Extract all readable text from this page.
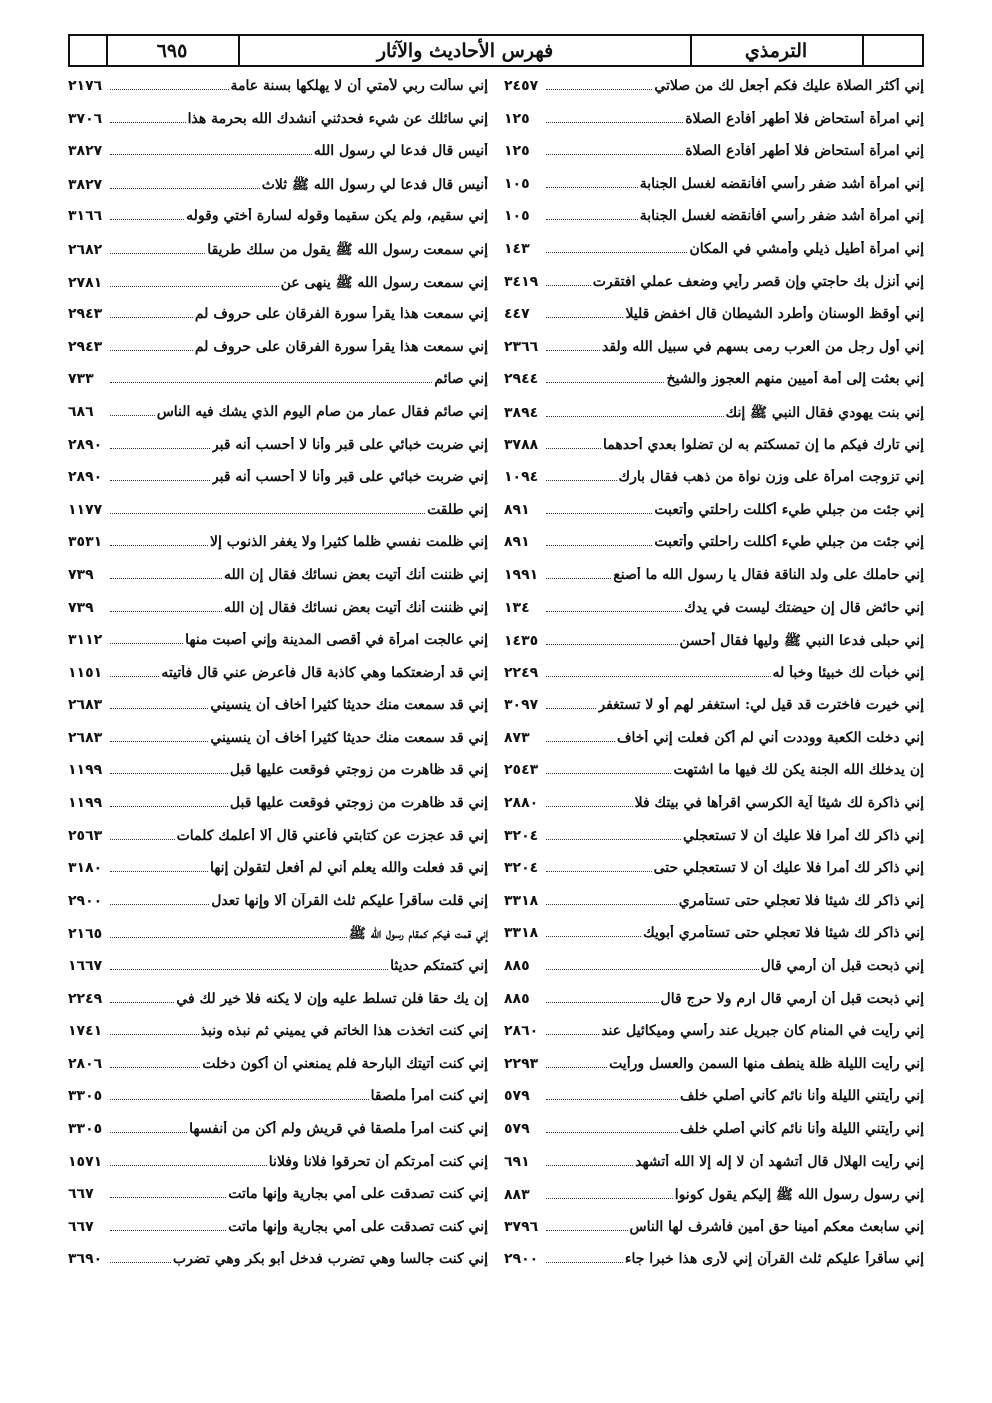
٦٩٥	فهرس الأحاديث والآثار	الترمذي
إني أكثر الصلاة عليك فكم أجعل لك من صلاتي
٢٤٥٧
إني امرأة أستحاض فلا أطهر أفأدع الصلاة
١٢٥
إني امرأة أستحاض فلا أطهر أفأدع الصلاة
١٢٥
إني امرأة أشد ضفر رأسي أفأنقضه لغسل الجنابة
١٠٥
إني امرأة أشد ضفر رأسي أفأنقضه لغسل الجنابة
١٠٥
إني امرأة أطيل ذيلي وأمشي في المكان
١٤٣
إني أنزل بك حاجتي وإن قصر رأيي وضعف عملي افتقرت
٣٤١٩
إني أوقظ الوسنان وأطرد الشيطان قال اخفض قليلا
٤٤٧
إني أول رجل من العرب رمى بسهم في سبيل الله ولقد
٢٣٦٦
إني بعثت إلى أمة أميين منهم العجوز والشيخ
٢٩٤٤
إني بنت يهودي فقال النبي ﷺ إنك
٣٨٩٤
إني تارك فيكم ما إن تمسكتم به لن تضلوا بعدي أحدهما
٣٧٨٨
إني تزوجت امرأة على وزن نواة من ذهب فقال بارك
١٠٩٤
إني جئت من جبلي طيء أكللت راحلتي وأتعبت
٨٩١
إني جئت من جبلي طيء أكللت راحلتي وأتعبت
٨٩١
إني حاملك على ولد الناقة فقال يا رسول الله ما أصنع
١٩٩١
إني حائض قال إن حيضتك ليست في يدك
١٣٤
إني حبلى فدعا النبي ﷺ وليها فقال أحسن
١٤٣٥
إني خبأت لك خبيئا وخبأ له
٢٢٤٩
إني خيرت فاخترت قد قيل لي: استغفر لهم أو لا تستغفر
٣٠٩٧
إني دخلت الكعبة ووددت أني لم أكن فعلت إني أخاف
٨٧٣
إن يدخلك الله الجنة يكن لك فيها ما اشتهت
٢٥٤٣
إني ذاكرة لك شيئا آية الكرسي اقرأها في بيتك فلا
٢٨٨٠
إني ذاكر لك أمرا فلا عليك أن لا تستعجلي
٣٢٠٤
إني ذاكر لك أمرا فلا عليك أن لا تستعجلي حتى
٣٢٠٤
إني ذاكر لك شيئا فلا تعجلي حتى تستأمري
٣٣١٨
إني ذاكر لك شيئا فلا تعجلي حتى تستأمري أبويك
٣٣١٨
إني ذبحت قبل أن أرمي قال
٨٨٥
إني ذبحت قبل أن أرمي قال ارم ولا حرج قال
٨٨٥
إني رأيت في المنام كان جبريل عند رأسي وميكائيل عند
٢٨٦٠
إني رأيت الليلة ظلة ينطف منها السمن والعسل ورأيت
٢٢٩٣
إني رأيتني الليلة وأنا نائم كأني أصلي خلف
٥٧٩
إني رأيتني الليلة وأنا نائم كأني أصلي خلف
٥٧٩
إني رأيت الهلال قال أتشهد أن لا إله إلا الله أتشهد
٦٩١
إني رسول رسول الله ﷺ إليكم يقول كونوا
٨٨٣
إني سابعث معكم أمينا حق أمين فأشرف لها الناس
٣٧٩٦
إني سأقرأ عليكم ثلث القرآن إني لأرى هذا خبرا جاء
٢٩٠٠
إني سألت ربي لأمتي أن لا يهلكها بسنة عامة
٢١٧٦
إني سائلك عن شيء فحدثني أنشدك الله بحرمة هذا
٣٧٠٦
أنيس قال فدعا لي رسول الله
٣٨٢٧
أنيس قال فدعا لي رسول الله ﷺ ثلاث
٣٨٢٧
إني سقيم، ولم يكن سقيما وقوله لسارة أختي وقوله
٣١٦٦
إني سمعت رسول الله ﷺ يقول من سلك طريقا
٢٦٨٢
إني سمعت رسول الله ﷺ ينهى عن
٢٧٨١
إني سمعت هذا يقرأ سورة الفرقان على حروف لم
٢٩٤٣
إني سمعت هذا يقرأ سورة الفرقان على حروف لم
٢٩٤٣
إني صائم
٧٣٣
إني صائم فقال عمار من صام اليوم الذي يشك فيه الناس
٦٨٦
إني ضربت خبائي على قبر وأنا لا أحسب أنه قبر
٢٨٩٠
إني ضربت خبائي على قبر وأنا لا أحسب أنه قبر
٢٨٩٠
إني طلقت
١١٧٧
إني ظلمت نفسي ظلما كثيرا ولا يغفر الذنوب إلا
٣٥٣١
إني ظننت أنك أتيت بعض نسائك فقال إن الله
٧٣٩
إني ظننت أنك أتيت بعض نسائك فقال إن الله
٧٣٩
إني عالجت امرأة في أقصى المدينة وإني أصبت منها
٣١١٢
إني قد أرضعتكما وهي كاذبة قال فأعرض عني قال فأتيته
١١٥١
إني قد سمعت منك حديثا كثيرا أخاف أن ينسيني
٢٦٨٣
إني قد سمعت منك حديثا كثيرا أخاف أن ينسيني
٢٦٨٣
إني قد ظاهرت من زوجتي فوقعت عليها قبل
١١٩٩
إني قد ظاهرت من زوجتي فوقعت عليها قبل
١١٩٩
إني قد عجزت عن كتابتي فأعني قال ألا أعلمك كلمات
٢٥٦٣
إني قد فعلت والله يعلم أني لم أفعل لتقولن إنها
٣١٨٠
إني قلت سأقرأ عليكم ثلث القرآن ألا وإنها تعدل
٢٩٠٠
إني قمت فيكم كمقام رسول الله ﷺ
٢١٦٥
إني كتمتكم حديثا
١٦٦٧
إن يك حقا فلن تسلط عليه وإن لا يكنه فلا خير لك في
٢٢٤٩
إني كنت اتخذت هذا الخاتم في يميني ثم نبذه ونبذ
١٧٤١
إني كنت أتيتك البارحة فلم يمنعني أن أكون دخلت
٢٨٠٦
إني كنت امرأ ملصقا
٣٣٠٥
إني كنت امرأ ملصقا في قريش ولم أكن من أنفسها
٣٣٠٥
إني كنت أمرتكم أن تحرقوا فلانا وفلانا
١٥٧١
إني كنت تصدقت على أمي بجارية وإنها ماتت
٦٦٧
إني كنت تصدقت على أمي بجارية وإنها ماتت
٦٦٧
إني كنت جالسا وهي تضرب فدخل أبو بكر وهي تضرب
٣٦٩٠
